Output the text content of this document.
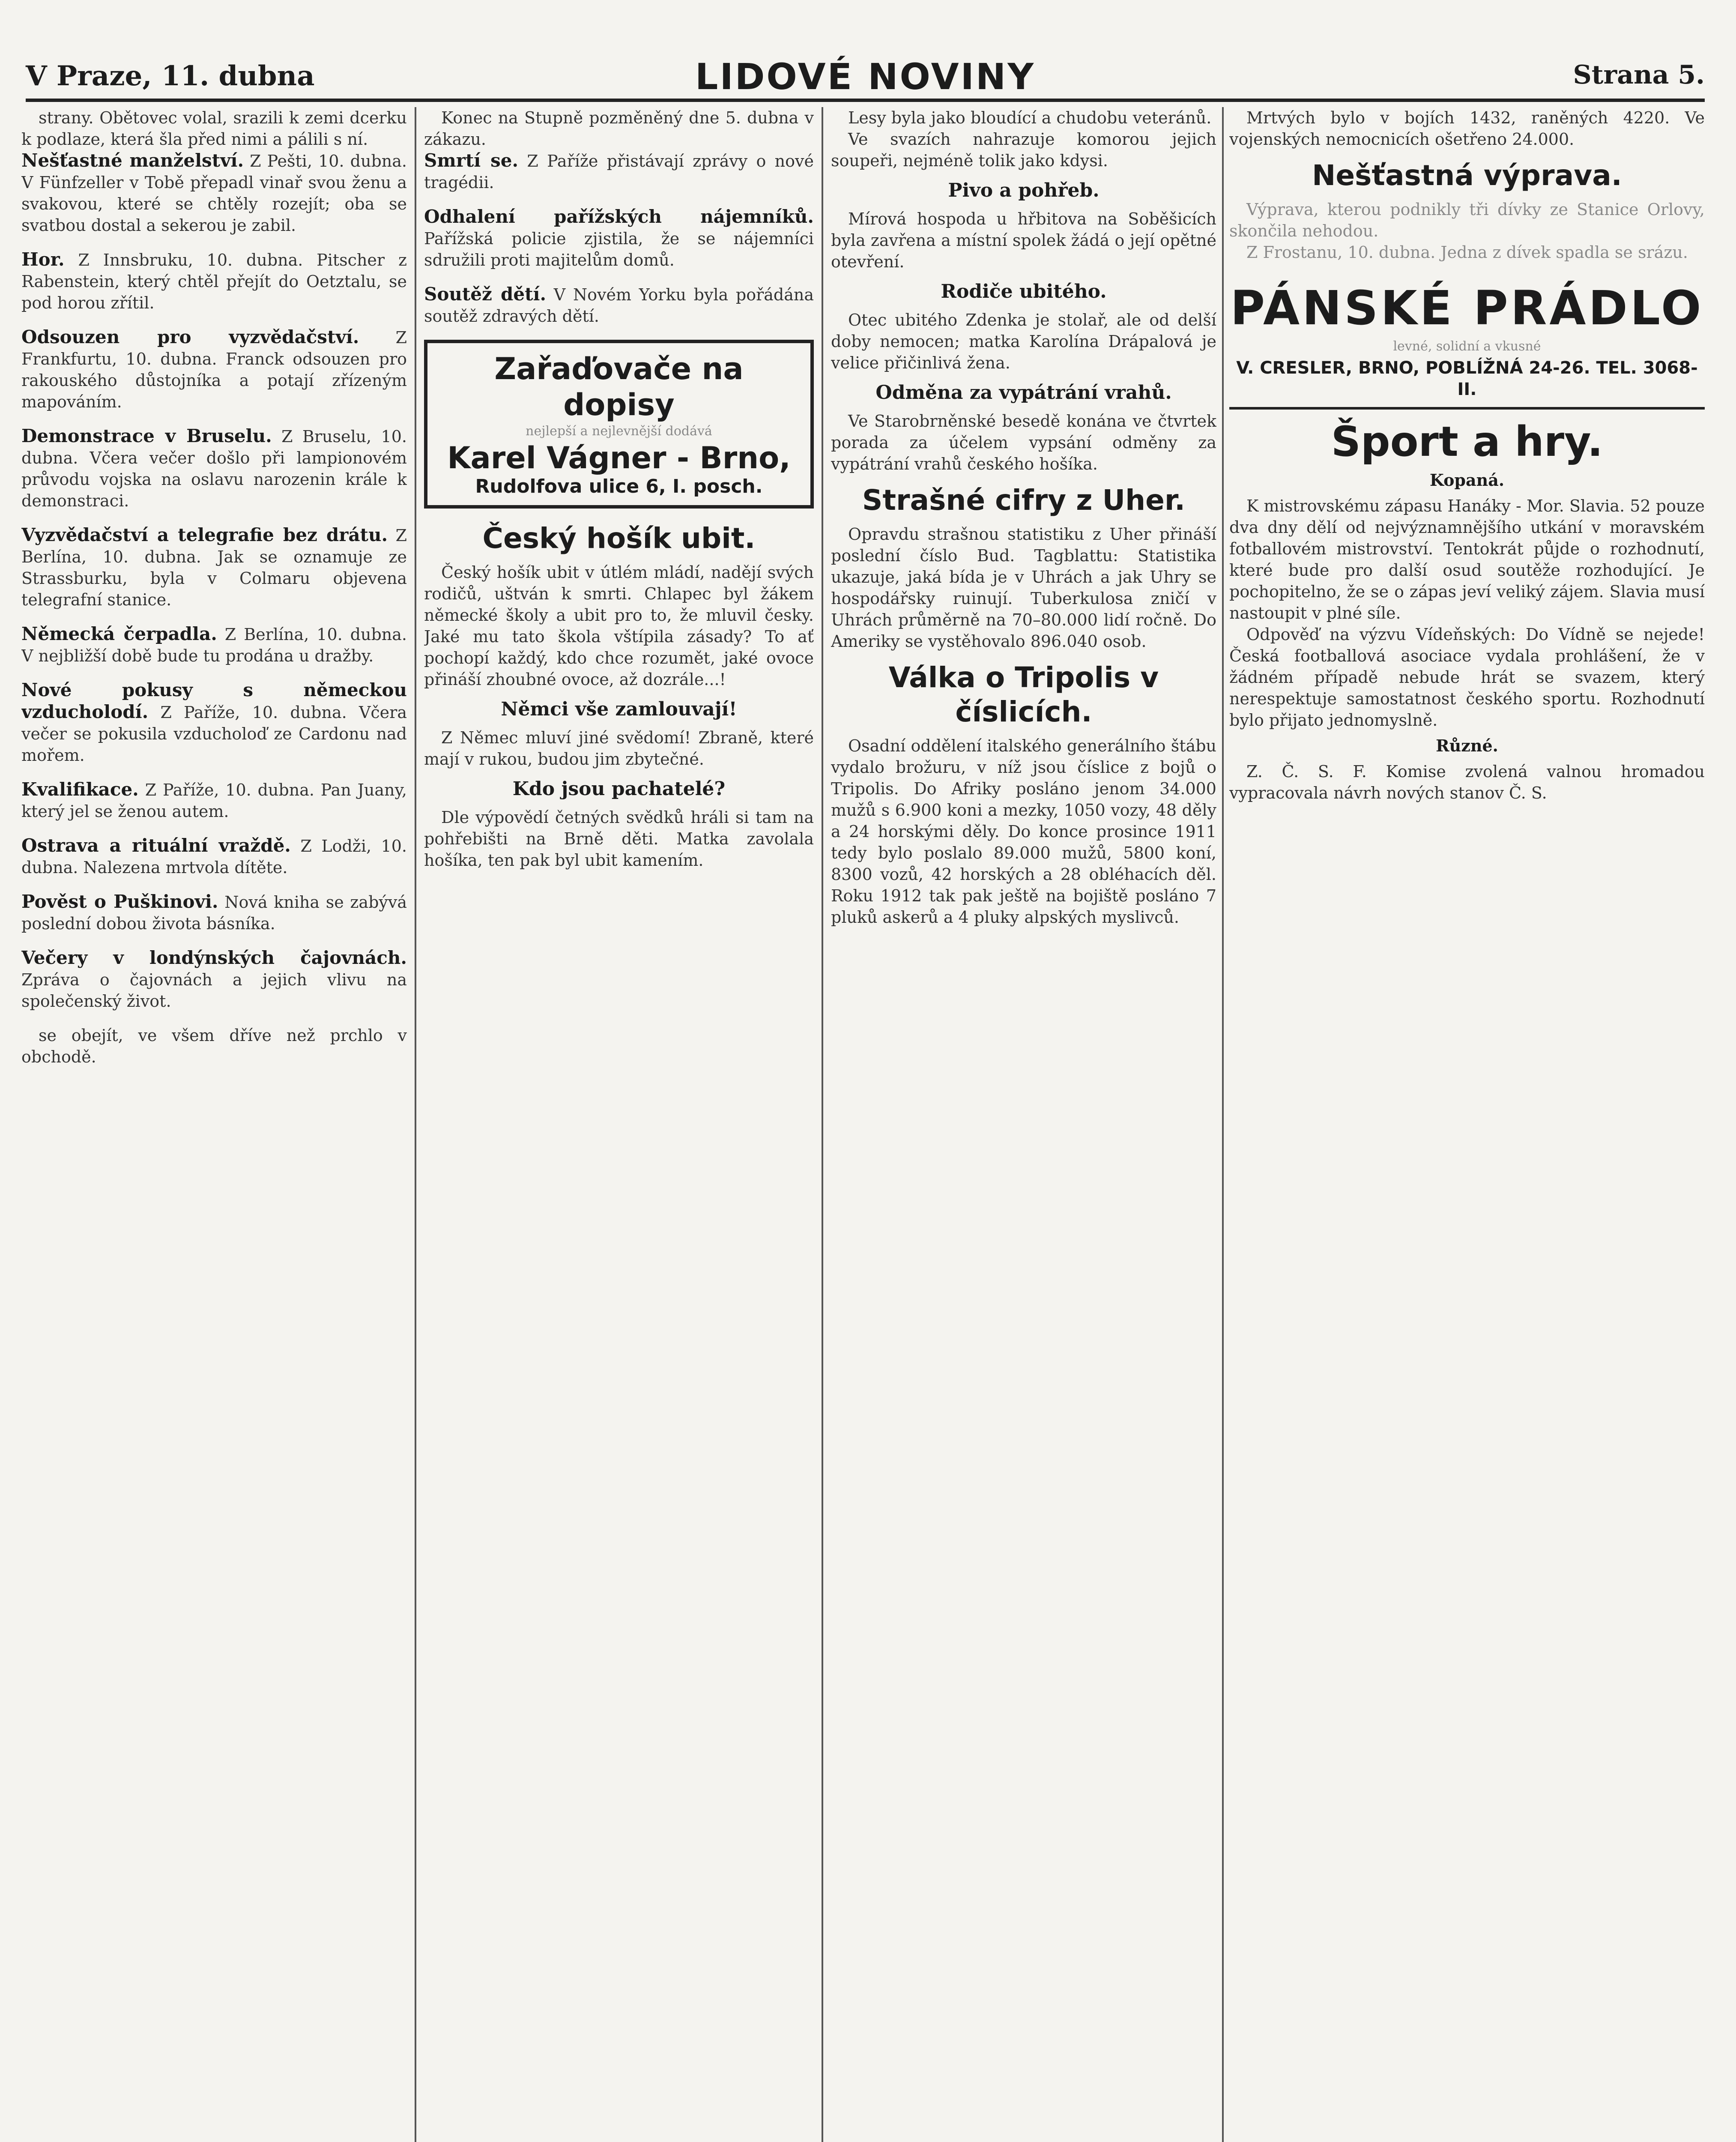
V Praze, 11. dubna	LIDOVÉ NOVINY	Strana 5.
strany. Obětovec volal, srazili k zemi dcerku k podlaze, která šla před nimi a pálili s ní.
Nešťastné manželství. Z Pešti, 10. dubna. V Fünfzeller v Tobě přepadl vinař svou ženu a svakovou, které se chtěly rozejít; oba se svatbou dostal a sekerou je zabil.
Hor. Z Innsbruku, 10. dubna. Pitscher z Rabenstein, který chtěl přejít do Oetztalu, se pod horou zřítil.
Odsouzen pro vyzvědačství. Z Frankfurtu, 10. dubna. Franck odsouzen pro rakouského důstojníka a potají zřízeným mapováním.
Demonstrace v Bruselu. Z Bruselu, 10. dubna. Včera večer došlo při lampionovém průvodu vojska na oslavu narozenin krále k demonstraci.
Vyzvědačství a telegrafie bez drátu. Z Berlína, 10. dubna. Jak se oznamuje ze Strassburku, byla v Colmaru objevena telegrafní stanice.
Německá čerpadla. Z Berlína, 10. dubna. V nejbližší době bude tu prodána u dražby.
Nové pokusy s německou vzducholodí. Z Paříže, 10. dubna. Včera večer se pokusila vzducholoď ze Cardonu nad mořem.
Kvalifikace. Z Paříže, 10. dubna. Pan Juany, který jel se ženou autem.
Ostrava a rituální vraždě. Z Lodži, 10. dubna. Nalezena mrtvola dítěte.
Pověst o Puškinovi. Nová kniha se zabývá poslední dobou života básníka.
Večery v londýnských čajovnách. Zpráva o čajovnách a jejich vlivu na společenský život.
se obejít, ve všem dříve než prchlo v obchodě.
Konec na Stupně pozměněný dne 5. dubna v zákazu.
Smrtí se. Z Paříže přistávají zprávy o nové tragédii.
Odhalení pařížských nájemníků. Pařížská policie zjistila, že se nájemníci sdružili proti majitelům domů.
Soutěž dětí. V Novém Yorku byla pořádána soutěž zdravých dětí.
Zařaďovače na dopisy
nejlepší a nejlevnější dodává
Karel Vágner - Brno,
Rudolfova ulice 6, I. posch.
Český hošík ubit.
Český hošík ubit v útlém mládí, nadějí svých rodičů, uštván k smrti. Chlapec byl žákem německé školy a ubit pro to, že mluvil česky. Jaké mu tato škola vštípila zásady? To ať pochopí každý, kdo chce rozumět, jaké ovoce přináší zhoubné ovoce, až dozrále...!
Němci vše zamlouvají!
Z Němec mluví jiné svědomí! Zbraně, které mají v rukou, budou jim zbytečné.
Kdo jsou pachatelé?
Dle výpovědí četných svědků hráli si tam na pohřebišti na Brně děti. Matka zavolala hošíka, ten pak byl ubit kamením.
Lesy byla jako bloudící a chudobu veteránů.
Ve svazích nahrazuje komorou jejich soupeři, nejméně tolik jako kdysi.
Pivo a pohřeb.
Mírová hospoda u hřbitova na Soběšicích byla zavřena a místní spolek žádá o její opětné otevření.
Rodiče ubitého.
Otec ubitého Zdenka je stolař, ale od delší doby nemocen; matka Karolína Drápalová je velice přičinlivá žena.
Odměna za vypátrání vrahů.
Ve Starobrněnské besedě konána ve čtvrtek porada za účelem vypsání odměny za vypátrání vrahů českého hošíka.
Strašné cifry z Uher.
Opravdu strašnou statistiku z Uher přináší poslední číslo Bud. Tagblattu: Statistika ukazuje, jaká bída je v Uhrách a jak Uhry se hospodářsky ruinují. Tuberkulosa zničí v Uhrách průměrně na 70–80.000 lidí ročně. Do Ameriky se vystěhovalo 896.040 osob.
Válka o Tripolis v číslicích.
Osadní oddělení italského generálního štábu vydalo brožuru, v níž jsou číslice z bojů o Tripolis. Do Afriky posláno jenom 34.000 mužů s 6.900 koni a mezky, 1050 vozy, 48 děly a 24 horskými děly. Do konce prosince 1911 tedy bylo poslalo 89.000 mužů, 5800 koní, 8300 vozů, 42 horských a 28 obléhacích děl. Roku 1912 tak pak ještě na bojiště posláno 7 pluků askerů a 4 pluky alpských myslivců.
Mrtvých bylo v bojích 1432, raněných 4220. Ve vojenských nemocnicích ošetřeno 24.000.
Nešťastná výprava.
Výprava, kterou podnikly tři dívky ze Stanice Orlovy, skončila nehodou.
Z Frostanu, 10. dubna. Jedna z dívek spadla se srázu.
PÁNSKÉ PRÁDLO
levné, solidní a vkusné
V. CRESLER, BRNO, POBLÍŽNÁ 24-26. TEL. 3068-II.
Šport a hry.
Kopaná.
K mistrovskému zápasu Hanáky - Mor. Slavia. 52 pouze dva dny dělí od nejvýznamnějšího utkání v moravském fotballovém mistrovství. Tentokrát půjde o rozhodnutí, které bude pro další osud soutěže rozhodující. Je pochopitelno, že se o zápas jeví veliký zájem. Slavia musí nastoupit v plné síle.
Odpověď na výzvu Vídeňských: Do Vídně se nejede! Česká footballová asociace vydala prohlášení, že v žádném případě nebude hrát se svazem, který nerespektuje samostatnost českého sportu. Rozhodnutí bylo přijato jednomyslně.
Různé.
Z. Č. S. F. Komise zvolená valnou hromadou vypracovala návrh nových stanov Č. S.
